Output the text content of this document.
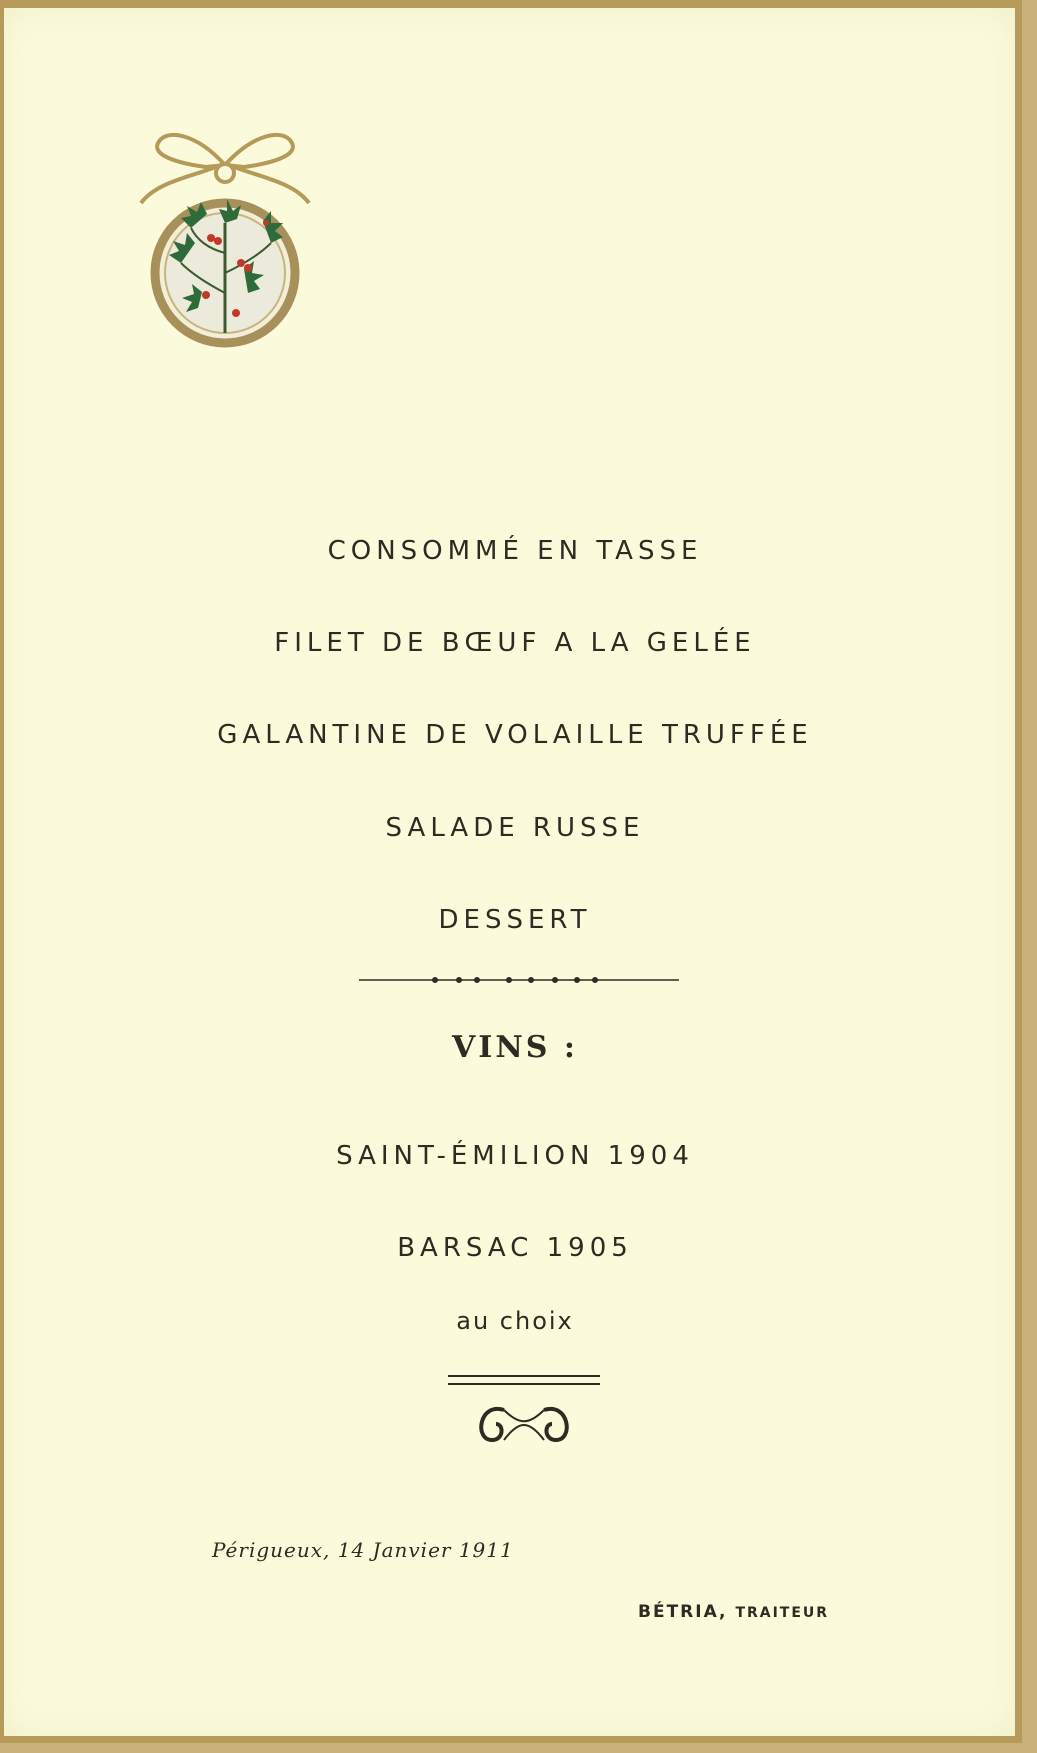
CONSOMMÉ EN TASSE
FILET DE BŒUF A LA GELÉE
GALANTINE DE VOLAILLE TRUFFÉE
SALADE RUSSE
DESSERT
VINS :
SAINT-ÉMILION 1904
BARSAC 1905
au choix
Périgueux, 14 Janvier 1911
BÉTRIA, TRAITEUR
